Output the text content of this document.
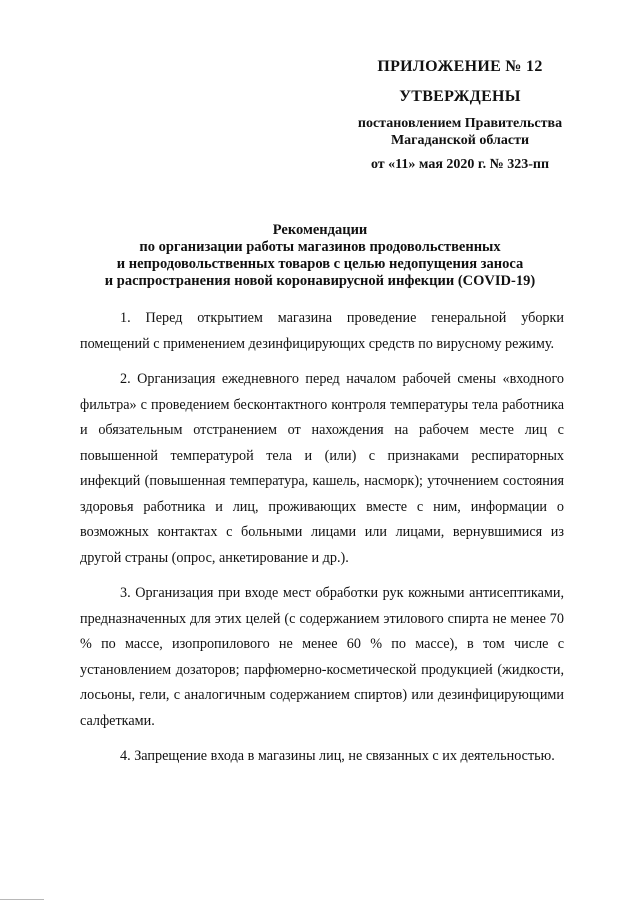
ПРИЛОЖЕНИЕ № 12
УТВЕРЖДЕНЫ
постановлением Правительства
Магаданской области
от «11» мая 2020 г. № 323-пп
Рекомендации
по организации работы магазинов продовольственных
и непродовольственных товаров с целью недопущения заноса
и распространения новой коронавирусной инфекции (COVID-19)

1. Перед открытием магазина проведение генеральной уборки помещений с применением дезинфицирующих средств по вирусному режиму.

2. Организация ежедневного перед началом рабочей смены «входного фильтра» с проведением бесконтактного контроля температуры тела работника и обязательным отстранением от нахождения на рабочем месте лиц с повышенной температурой тела и (или) с признаками респираторных инфекций (повышенная температура, кашель, насморк); уточнением состояния здоровья работника и лиц, проживающих вместе с ним, информации о возможных контактах с больными лицами или лицами, вернувшимися из другой страны (опрос, анкетирование и др.).

3. Организация при входе мест обработки рук кожными антисептиками, предназначенных для этих целей (с содержанием этилового спирта не менее 70 % по массе, изопропилового не менее 60 % по массе), в том числе с установлением дозаторов; парфюмерно-косметической продукцией (жидкости, лосьоны, гели, с аналогичным содержанием спиртов) или дезинфицирующими салфетками.

4. Запрещение входа в магазины лиц, не связанных с их деятельностью.
